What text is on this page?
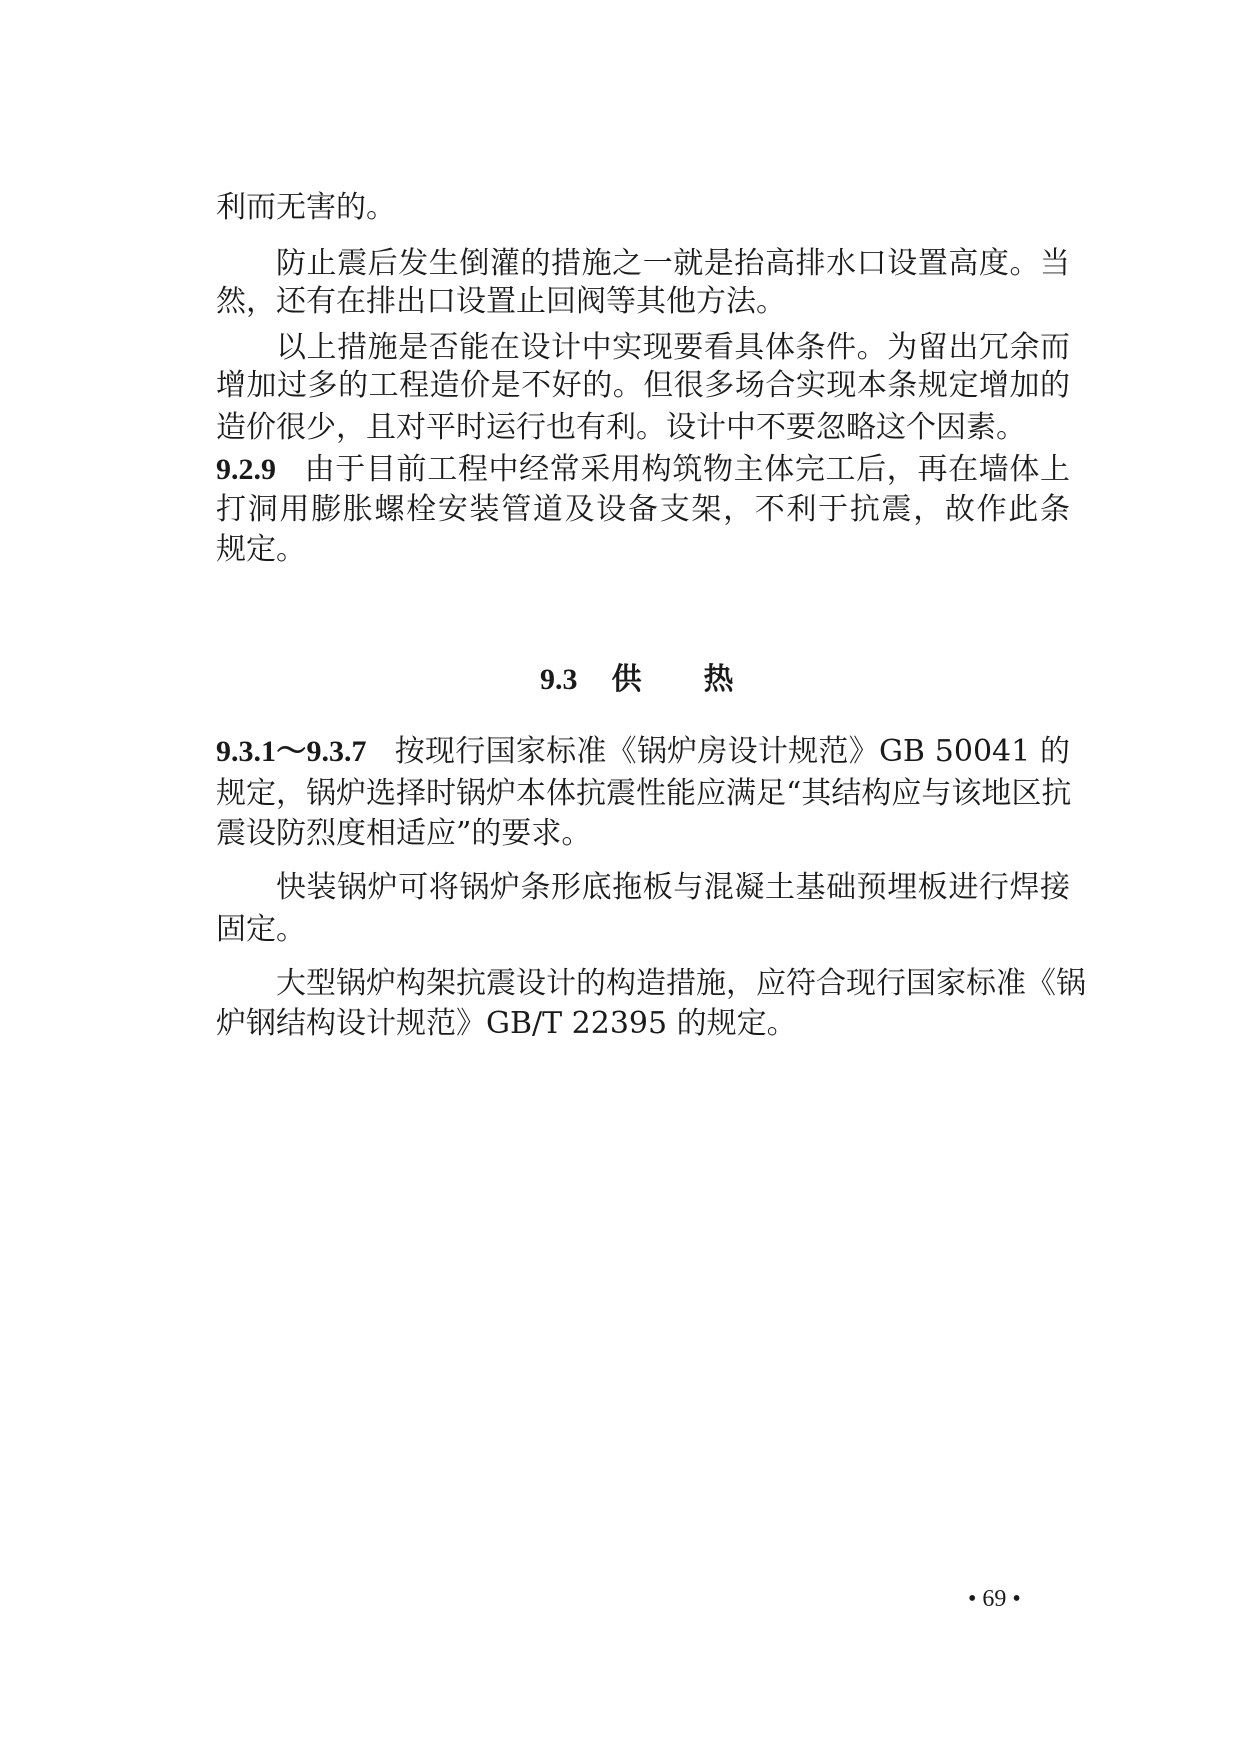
利而无害的。
防止震后发生倒灌的措施之一就是抬高排水口设置高度。当
然，还有在排出口设置止回阀等其他方法。
以上措施是否能在设计中实现要看具体条件。为留出冗余而
增加过多的工程造价是不好的。但很多场合实现本条规定增加的
造价很少，且对平时运行也有利。设计中不要忽略这个因素。
9.2.9 由于目前工程中经常采用构筑物主体完工后，再在墙体上
打洞用膨胀螺栓安装管道及设备支架，不利于抗震，故作此条
规定。
9.3 供 热
9.3.1～9.3.7 按现行国家标准《锅炉房设计规范》GB 50041 的
规定，锅炉选择时锅炉本体抗震性能应满足“其结构应与该地区抗
震设防烈度相适应”的要求。
快装锅炉可将锅炉条形底拖板与混凝土基础预埋板进行焊接
固定。
大型锅炉构架抗震设计的构造措施，应符合现行国家标准《锅
炉钢结构设计规范》GB/T 22395 的规定。
• 69 •
